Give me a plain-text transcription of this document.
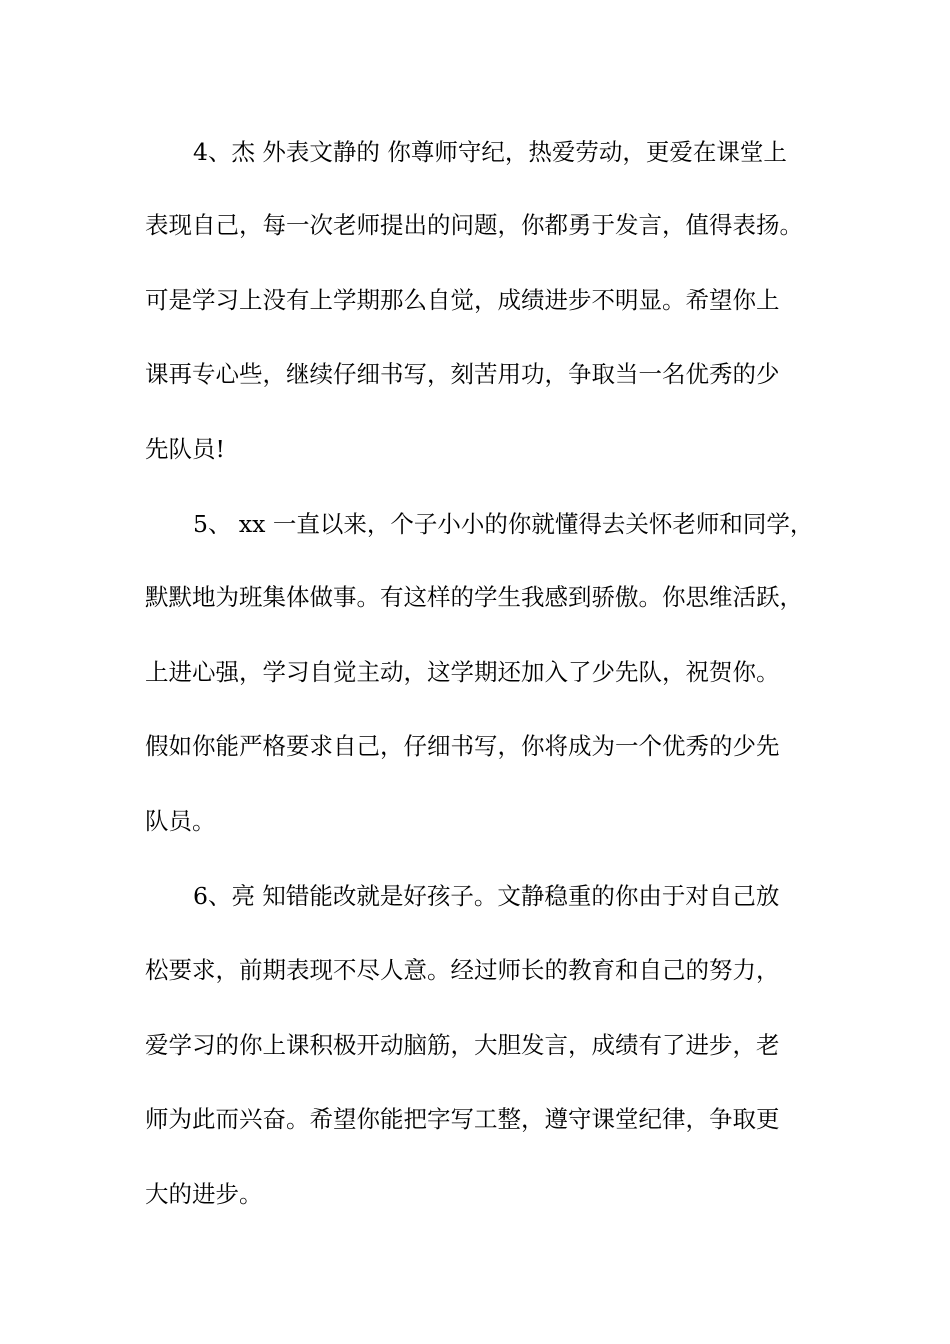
4、杰 外表文静的 你尊师守纪，热爱劳动，更爱在课堂上
表现自己，每一次老师提出的问题，你都勇于发言，值得表扬。
可是学习上没有上学期那么自觉，成绩进步不明显。希望你上
课再专心些，继续仔细书写，刻苦用功，争取当一名优秀的少
先队员!
5、 xx 一直以来，个子小小的你就懂得去关怀老师和同学，
默默地为班集体做事。有这样的学生我感到骄傲。你思维活跃，
上进心强，学习自觉主动，这学期还加入了少先队，祝贺你。
假如你能严格要求自己，仔细书写，你将成为一个优秀的少先
队员。
6、亮 知错能改就是好孩子。文静稳重的你由于对自己放
松要求，前期表现不尽人意。经过师长的教育和自己的努力，
爱学习的你上课积极开动脑筋，大胆发言，成绩有了进步，老
师为此而兴奋。希望你能把字写工整，遵守课堂纪律，争取更
大的进步。
